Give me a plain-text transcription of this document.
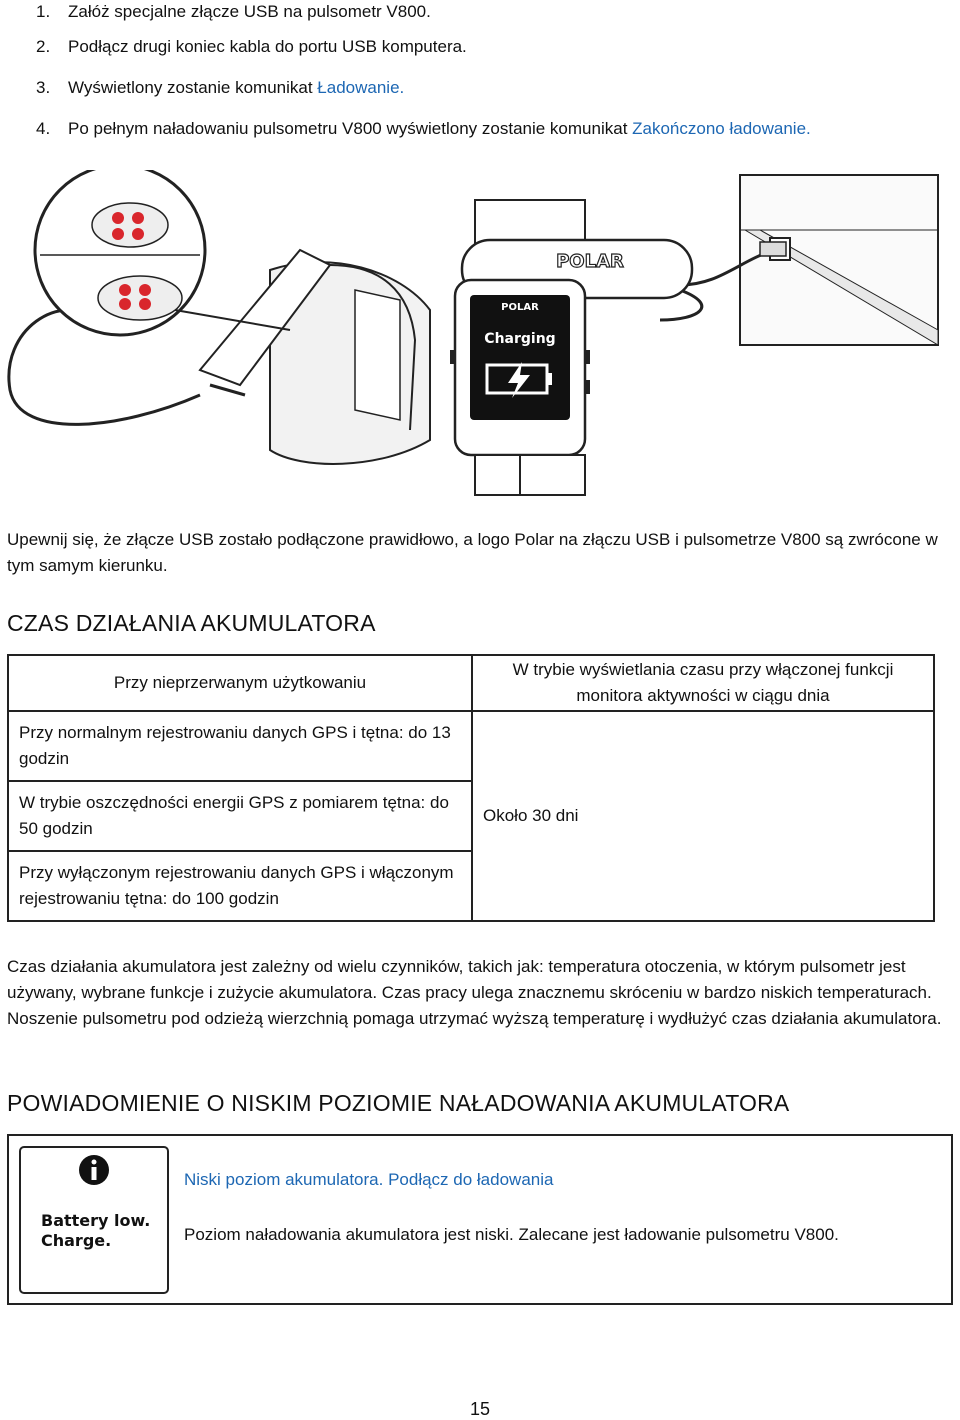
1.	Załóż specjalne złącze USB na pulsometr V800.
2.	Podłącz drugi koniec kabla do portu USB komputera.
3.	Wyświetlony zostanie komunikat Ładowanie.
4.	Po pełnym naładowaniu pulsometru V800 wyświetlony zostanie komunikat Zakończono ładowanie.
POLAR
POLAR
Charging

Upewnij się, że złącze USB zostało podłączone prawidłowo, a logo Polar na złączu USB i pulsometrze V800 są zwrócone w tym samym kierunku.

CZAS DZIAŁANIA AKUMULATORA
Przy nieprzerwanym użytkowaniu	W trybie wyświetlania czasu przy włączonej funkcji monitora aktywności w ciągu dnia
Przy normalnym rejestrowaniu danych GPS i tętna: do 13 godzin	Około 30 dni
W trybie oszczędności energii GPS z pomiarem tętna: do 50 godzin	
Przy wyłączonym rejestrowaniu danych GPS i włączonym rejestrowaniu tętna: do 100 godzin	

Czas działania akumulatora jest zależny od wielu czynników, takich jak: temperatura otoczenia, w którym pulsometr jest używany, wybrane funkcje i zużycie akumulatora. Czas pracy ulega znacznemu skróceniu w bardzo niskich temperaturach. Noszenie pulsometru pod odzieżą wierzchnią pomaga utrzymać wyższą temperaturę i wydłużyć czas działania akumulatora.

POWIADOMIENIE O NISKIM POZIOMIE NAŁADOWANIA AKUMULATORA
Battery low.
Charge.
Niski poziom akumulatora. Podłącz do ładowania
Poziom naładowania akumulatora jest niski. Zalecane jest ładowanie pulsometru V800.
15
